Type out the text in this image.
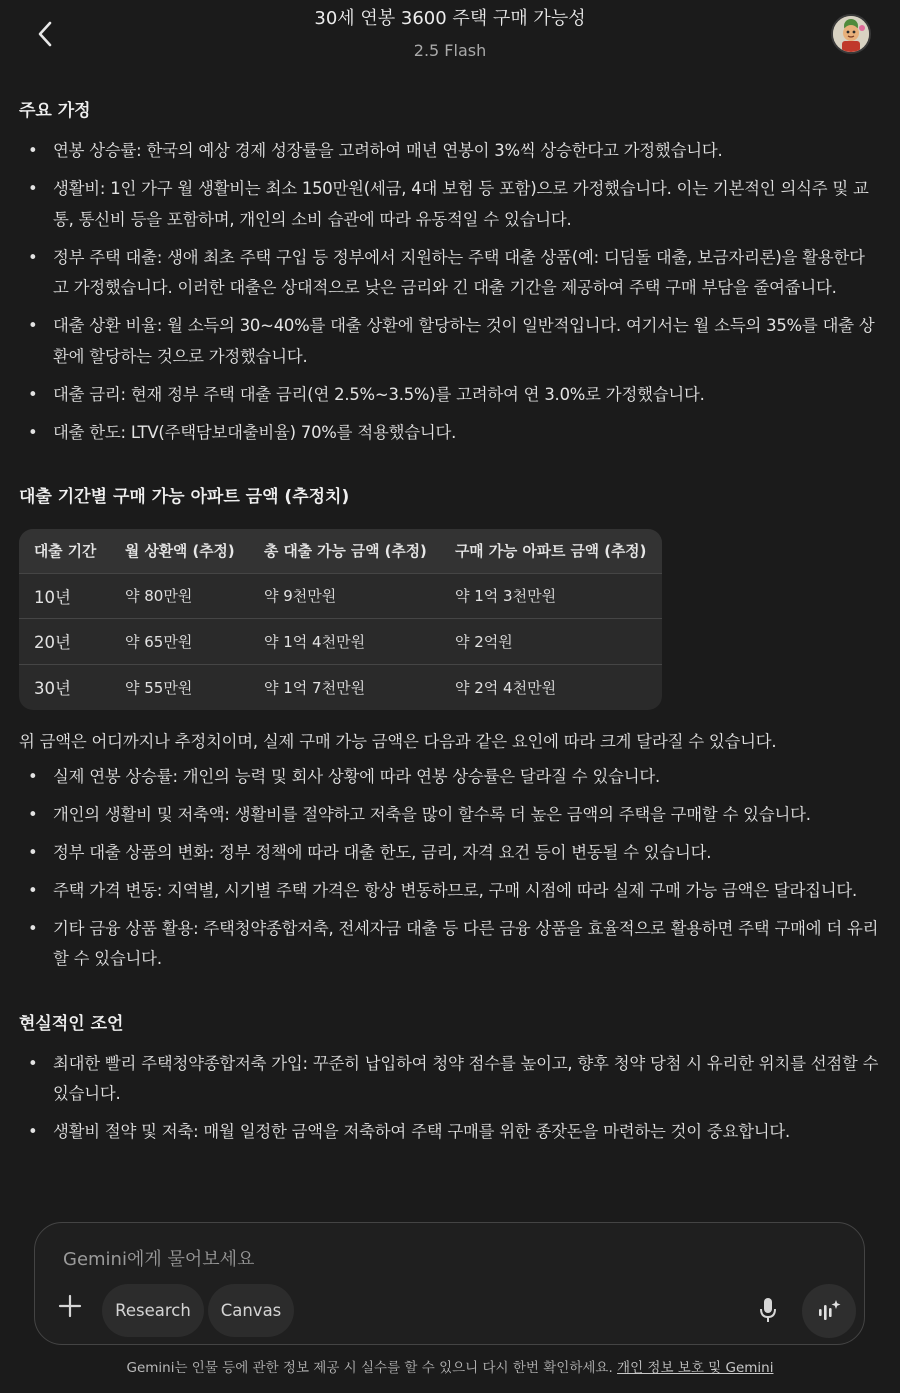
30세 연봉 3600 주택 구매 가능성
2.5 Flash
주요 가정
• 연봉 상승률: 한국의 예상 경제 성장률을 고려하여 매년 연봉이 3%씩 상승한다고 가정했습니다.
• 생활비: 1인 가구 월 생활비는 최소 150만원(세금, 4대 보험 등 포함)으로 가정했습니다. 이는 기본적인 의식주 및 교통, 통신비 등을 포함하며, 개인의 소비 습관에 따라 유동적일 수 있습니다.
• 정부 주택 대출: 생애 최초 주택 구입 등 정부에서 지원하는 주택 대출 상품(예: 디딤돌 대출, 보금자리론)을 활용한다고 가정했습니다. 이러한 대출은 상대적으로 낮은 금리와 긴 대출 기간을 제공하여 주택 구매 부담을 줄여줍니다.
• 대출 상환 비율: 월 소득의 30~40%를 대출 상환에 할당하는 것이 일반적입니다. 여기서는 월 소득의 35%를 대출 상환에 할당하는 것으로 가정했습니다.
• 대출 금리: 현재 정부 주택 대출 금리(연 2.5%~3.5%)를 고려하여 연 3.0%로 가정했습니다.
• 대출 한도: LTV(주택담보대출비율) 70%를 적용했습니다.
대출 기간별 구매 가능 아파트 금액 (추정치)
대출 기간	월 상환액 (추정)	총 대출 가능 금액 (추정)	구매 가능 아파트 금액 (추정)
10년	약 80만원	약 9천만원	약 1억 3천만원
20년	약 65만원	약 1억 4천만원	약 2억원
30년	약 55만원	약 1억 7천만원	약 2억 4천만원
위 금액은 어디까지나 추정치이며, 실제 구매 가능 금액은 다음과 같은 요인에 따라 크게 달라질 수 있습니다.
• 실제 연봉 상승률: 개인의 능력 및 회사 상황에 따라 연봉 상승률은 달라질 수 있습니다.
• 개인의 생활비 및 저축액: 생활비를 절약하고 저축을 많이 할수록 더 높은 금액의 주택을 구매할 수 있습니다.
• 정부 대출 상품의 변화: 정부 정책에 따라 대출 한도, 금리, 자격 요건 등이 변동될 수 있습니다.
• 주택 가격 변동: 지역별, 시기별 주택 가격은 항상 변동하므로, 구매 시점에 따라 실제 구매 가능 금액은 달라집니다.
• 기타 금융 상품 활용: 주택청약종합저축, 전세자금 대출 등 다른 금융 상품을 효율적으로 활용하면 주택 구매에 더 유리할 수 있습니다.
현실적인 조언
• 최대한 빨리 주택청약종합저축 가입: 꾸준히 납입하여 청약 점수를 높이고, 향후 청약 당첨 시 유리한 위치를 선점할 수 있습니다.
• 생활비 절약 및 저축: 매월 일정한 금액을 저축하여 주택 구매를 위한 종잣돈을 마련하는 것이 중요합니다.
Gemini에게 물어보세요
Research	Canvas
Gemini는 인물 등에 관한 정보 제공 시 실수를 할 수 있으니 다시 한번 확인하세요. 개인 정보 보호 및 Gemini
